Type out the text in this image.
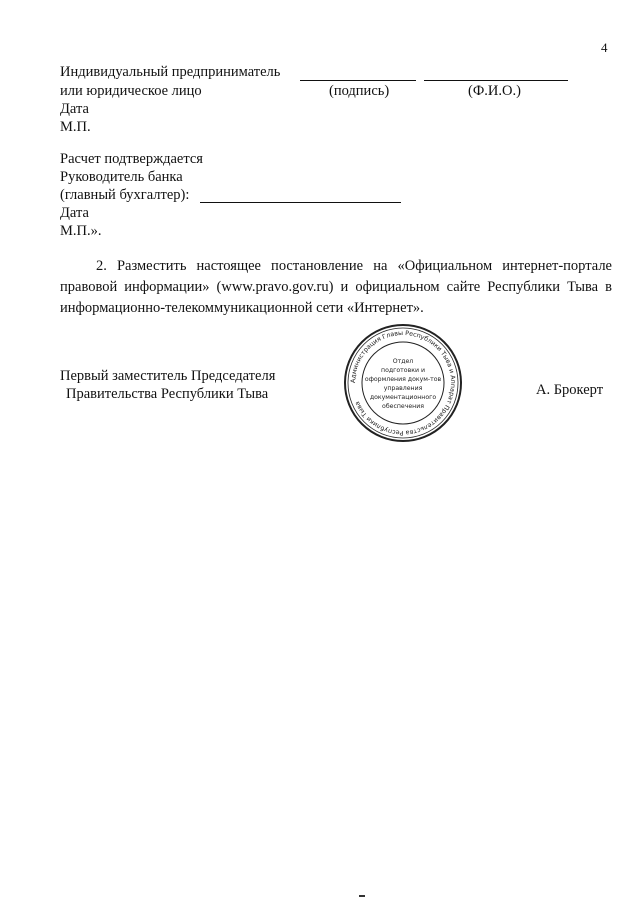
4
Индивидуальный предприниматель
или юридическое лицо	(подпись)	(Ф.И.О.)
Дата
М.П.
Расчет подтверждается
Руководитель банка
(главный бухгалтер):
Дата
М.П.».
2. Разместить настоящее постановление на «Официальном интернет-портале правовой информации» (www.pravo.gov.ru) и официальном сайте Республики Тыва в информационно-телекоммуникационной сети «Интернет».
Первый заместитель Председателя
Правительства Республики Тыва	А. Брокерт
Администрация Главы Республики Тыва и Аппарат Правительства Республики Тыва
Отдел
подготовки и
оформления докум-тов
управления
документационного
обеспечения
